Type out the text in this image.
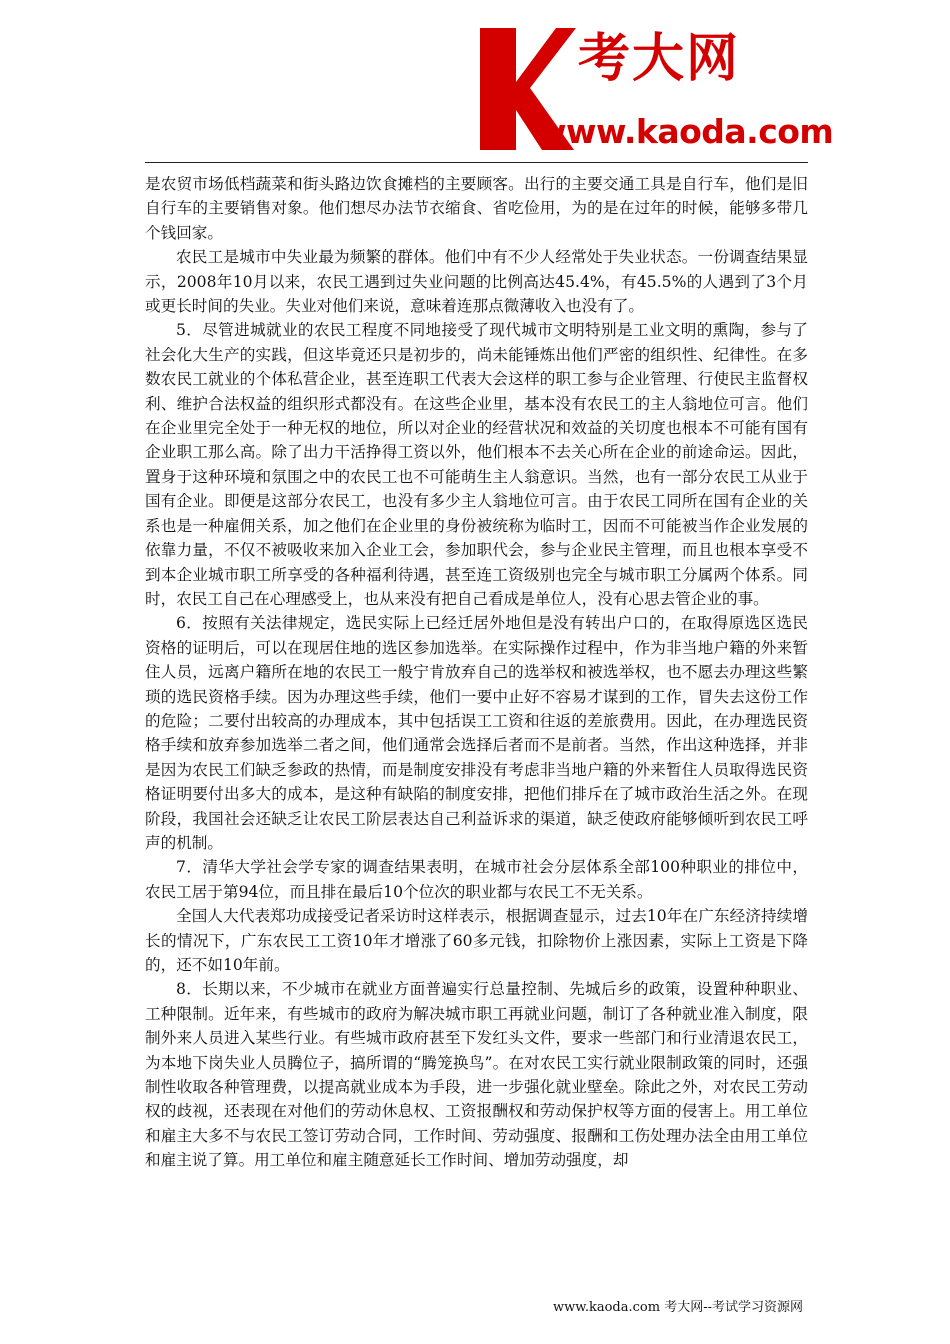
考大网
www.kaoda.com

是农贸市场低档蔬菜和街头路边饮食摊档的主要顾客。出行的主要交通工具是自行车，他们是旧自行车的主要销售对象。他们想尽办法节衣缩食、省吃俭用，为的是在过年的时候，能够多带几个钱回家。

农民工是城市中失业最为频繁的群体。他们中有不少人经常处于失业状态。一份调查结果显示，2008年10月以来，农民工遇到过失业问题的比例高达45.4%，有45.5%的人遇到了3个月或更长时间的失业。失业对他们来说，意味着连那点微薄收入也没有了。

5．尽管进城就业的农民工程度不同地接受了现代城市文明特别是工业文明的熏陶，参与了社会化大生产的实践，但这毕竟还只是初步的，尚未能锤炼出他们严密的组织性、纪律性。在多数农民工就业的个体私营企业，甚至连职工代表大会这样的职工参与企业管理、行使民主监督权利、维护合法权益的组织形式都没有。在这些企业里，基本没有农民工的主人翁地位可言。他们在企业里完全处于一种无权的地位，所以对企业的经营状况和效益的关切度也根本不可能有国有企业职工那么高。除了出力干活挣得工资以外，他们根本不去关心所在企业的前途命运。因此，置身于这种环境和氛围之中的农民工也不可能萌生主人翁意识。当然，也有一部分农民工从业于国有企业。即便是这部分农民工，也没有多少主人翁地位可言。由于农民工同所在国有企业的关系也是一种雇佣关系，加之他们在企业里的身份被统称为临时工，因而不可能被当作企业发展的依靠力量，不仅不被吸收来加入企业工会，参加职代会，参与企业民主管理，而且也根本享受不到本企业城市职工所享受的各种福利待遇，甚至连工资级别也完全与城市职工分属两个体系。同时，农民工自己在心理感受上，也从来没有把自己看成是单位人，没有心思去管企业的事。

6．按照有关法律规定，选民实际上已经迁居外地但是没有转出户口的，在取得原选区选民资格的证明后，可以在现居住地的选区参加选举。在实际操作过程中，作为非当地户籍的外来暂住人员，远离户籍所在地的农民工一般宁肯放弃自己的选举权和被选举权，也不愿去办理这些繁琐的选民资格手续。因为办理这些手续，他们一要中止好不容易才谋到的工作，冒失去这份工作的危险；二要付出较高的办理成本，其中包括误工工资和往返的差旅费用。因此，在办理选民资格手续和放弃参加选举二者之间，他们通常会选择后者而不是前者。当然，作出这种选择，并非是因为农民工们缺乏参政的热情，而是制度安排没有考虑非当地户籍的外来暂住人员取得选民资格证明要付出多大的成本，是这种有缺陷的制度安排，把他们排斥在了城市政治生活之外。在现阶段，我国社会还缺乏让农民工阶层表达自己利益诉求的渠道，缺乏使政府能够倾听到农民工呼声的机制。

7．清华大学社会学专家的调查结果表明，在城市社会分层体系全部100种职业的排位中，农民工居于第94位，而且排在最后10个位次的职业都与农民工不无关系。

全国人大代表郑功成接受记者采访时这样表示，根据调查显示，过去10年在广东经济持续增长的情况下，广东农民工工资10年才增涨了60多元钱，扣除物价上涨因素，实际上工资是下降的，还不如10年前。

8．长期以来，不少城市在就业方面普遍实行总量控制、先城后乡的政策，设置种种职业、工种限制。近年来，有些城市的政府为解决城市职工再就业问题，制订了各种就业准入制度，限制外来人员进入某些行业。有些城市政府甚至下发红头文件，要求一些部门和行业清退农民工，为本地下岗失业人员腾位子，搞所谓的“腾笼换鸟”。在对农民工实行就业限制政策的同时，还强制性收取各种管理费，以提高就业成本为手段，进一步强化就业壁垒。除此之外，对农民工劳动权的歧视，还表现在对他们的劳动休息权、工资报酬权和劳动保护权等方面的侵害上。用工单位和雇主大多不与农民工签订劳动合同，工作时间、劳动强度、报酬和工伤处理办法全由用工单位和雇主说了算。用工单位和雇主随意延长工作时间、增加劳动强度，却

www.kaoda.com 考大网--考试学习资源网
